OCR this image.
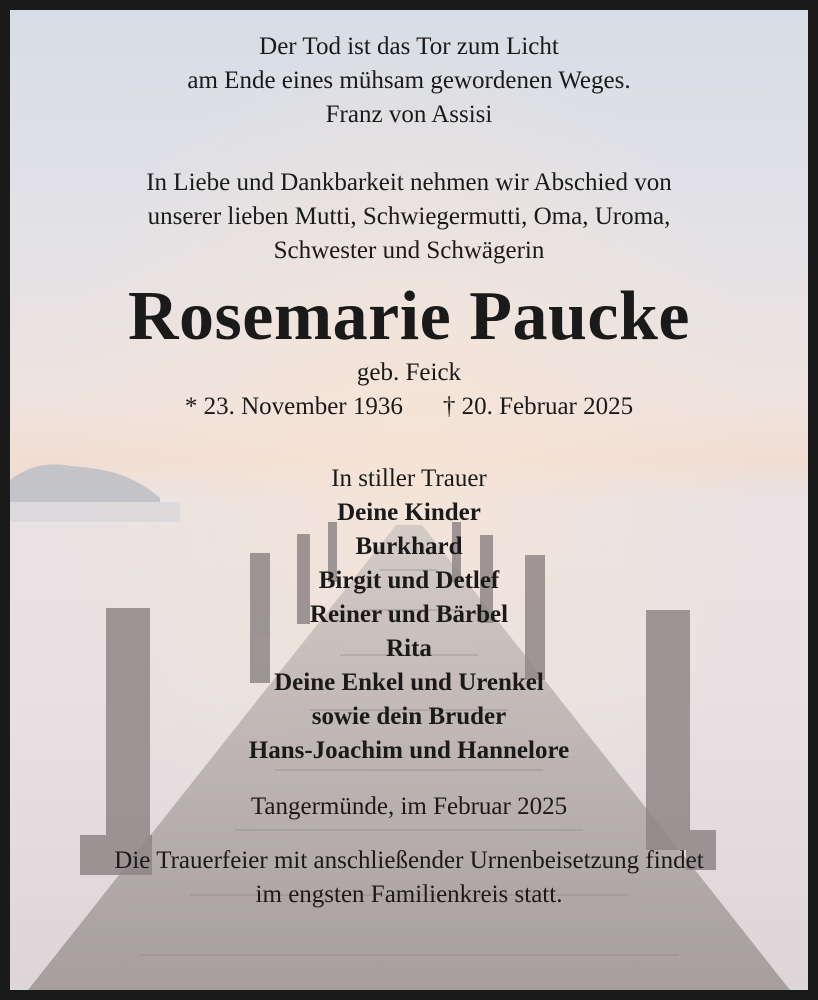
Der Tod ist das Tor zum Licht

am Ende eines mühsam gewordenen Weges.

Franz von Assisi

In Liebe und Dankbarkeit nehmen wir Abschied von

unserer lieben Mutti, Schwiegermutti, Oma, Uroma,

Schwester und Schwägerin

Rosemarie Paucke

geb. Feick

* 23. November 1936 † 20. Februar 2025

In stiller Trauer

Deine Kinder

Burkhard

Birgit und Detlef

Reiner und Bärbel

Rita

Deine Enkel und Urenkel

sowie dein Bruder

Hans-Joachim und Hannelore

Tangermünde, im Februar 2025

Die Trauerfeier mit anschließender Urnenbeisetzung findet

im engsten Familienkreis statt.
